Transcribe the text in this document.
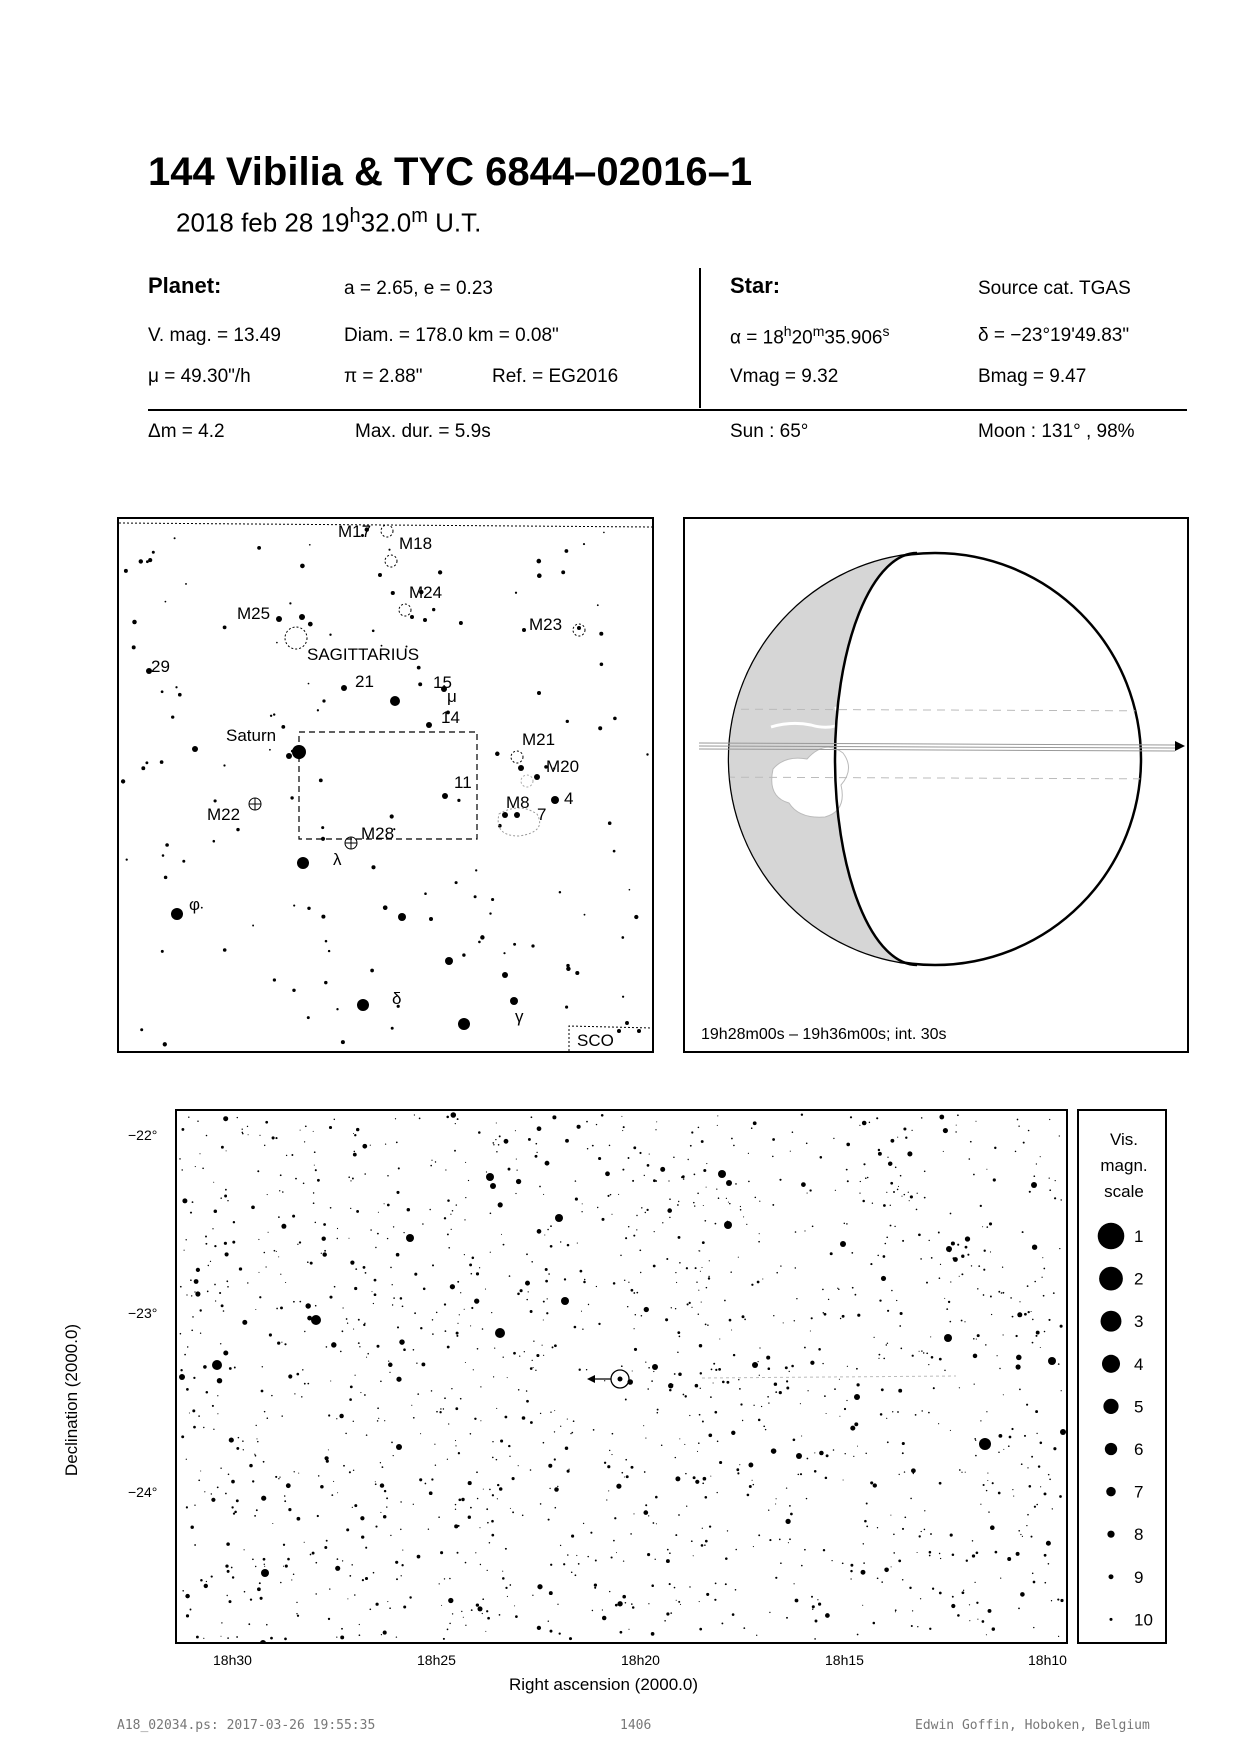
144 Vibilia & TYC 6844–02016–1
2018 feb 28 19$^h$32.0$^m$ U.T.
Planet:	a = 2.65, e = 0.23
V. mag. = 13.49	Diam. = 178.0 km = 0.08"
μ = 49.30"/h	π = 2.88"	Ref. = EG2016
Star:	Source cat. TGAS
$\alpha = 18^h20^m35.906^s$	δ = −23°19'49.83"
Vmag = 9.32	Bmag = 9.47
Δm = 4.2	Max. dur. = 5.9s	Sun : 65°	Moon : 131° , 98%
M17
M18
M24
M25
M23
SAGITTARIUS
29
21	15
μ
14
Saturn	M21
M20
11
M8 4
7
M22
M28
λ
φ
δ
γ
SCO	19h28m00s – 19h36m00s; int. 30s
−22°
−23°
−24°
18h30	18h25	18h20	18h15	18h10
Right ascension (2000.0)
Declination (2000.0)
Vis.
magn.
scale
1
2
3
4
5
6
7
8
9
10
A18_02034.ps: 2017-03-26 19:55:35	1406	Edwin Goffin, Hoboken, Belgium
